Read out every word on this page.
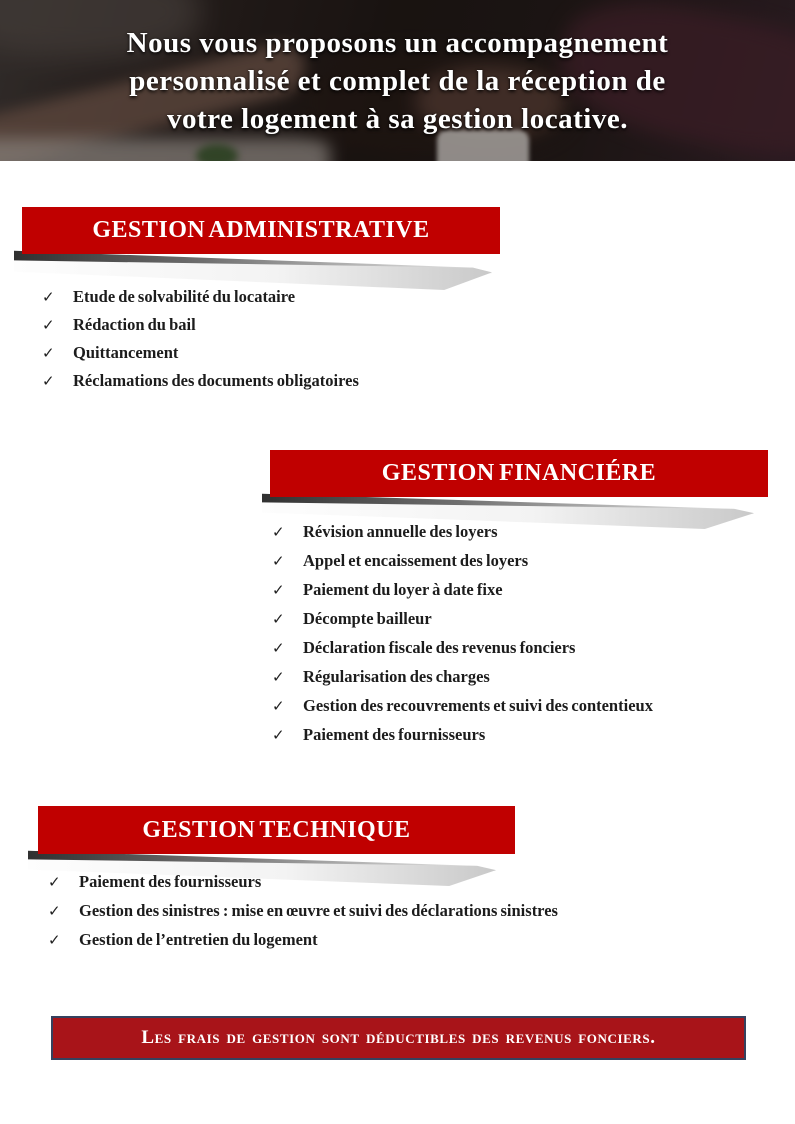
Nous vous proposons un accompagnement
personnalisé et complet de la réception de
votre logement à sa gestion locative.
GESTION ADMINISTRATIVE
✓ Etude de solvabilité du locataire
✓ Rédaction du bail
✓ Quittancement
✓ Réclamations des documents obligatoires
GESTION FINANCIÉRE
✓ Révision annuelle des loyers
✓ Appel et encaissement des loyers
✓ Paiement du loyer à date fixe
✓ Décompte bailleur
✓ Déclaration fiscale des revenus fonciers
✓ Régularisation des charges
✓ Gestion des recouvrements et suivi des contentieux
✓ Paiement des fournisseurs
GESTION TECHNIQUE
✓ Paiement des fournisseurs
✓ Gestion des sinistres : mise en œuvre et suivi des déclarations sinistres
✓ Gestion de l’entretien du logement
Les frais de gestion sont déductibles des revenus fonciers.
